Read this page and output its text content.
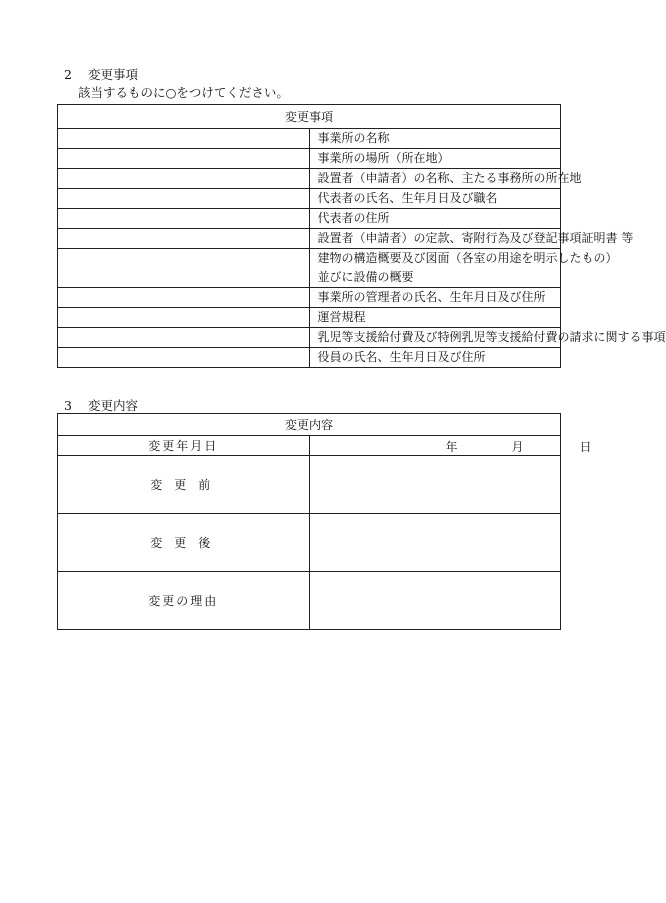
2 変更事項
該当するものに○をつけてください。
変更事項	
	事業所の名称
	事業所の場所（所在地）
	設置者（申請者）の名称、主たる事務所の所在地
	代表者の氏名、生年月日及び職名
	代表者の住所
	設置者（申請者）の定款、寄附行為及び登記事項証明書 等

	建物の構造概要及び図面（各室の用途を明示したもの）
並びに設備の概要

	事業所の管理者の氏名、生年月日及び住所
	運営規程
	乳児等支援給付費及び特例乳児等支援給付費の請求に関する事項
	役員の氏名、生年月日及び住所
3 変更内容
変更内容	
変更年月日	年 月 日

変更前	
変更後	
変更の理由	
